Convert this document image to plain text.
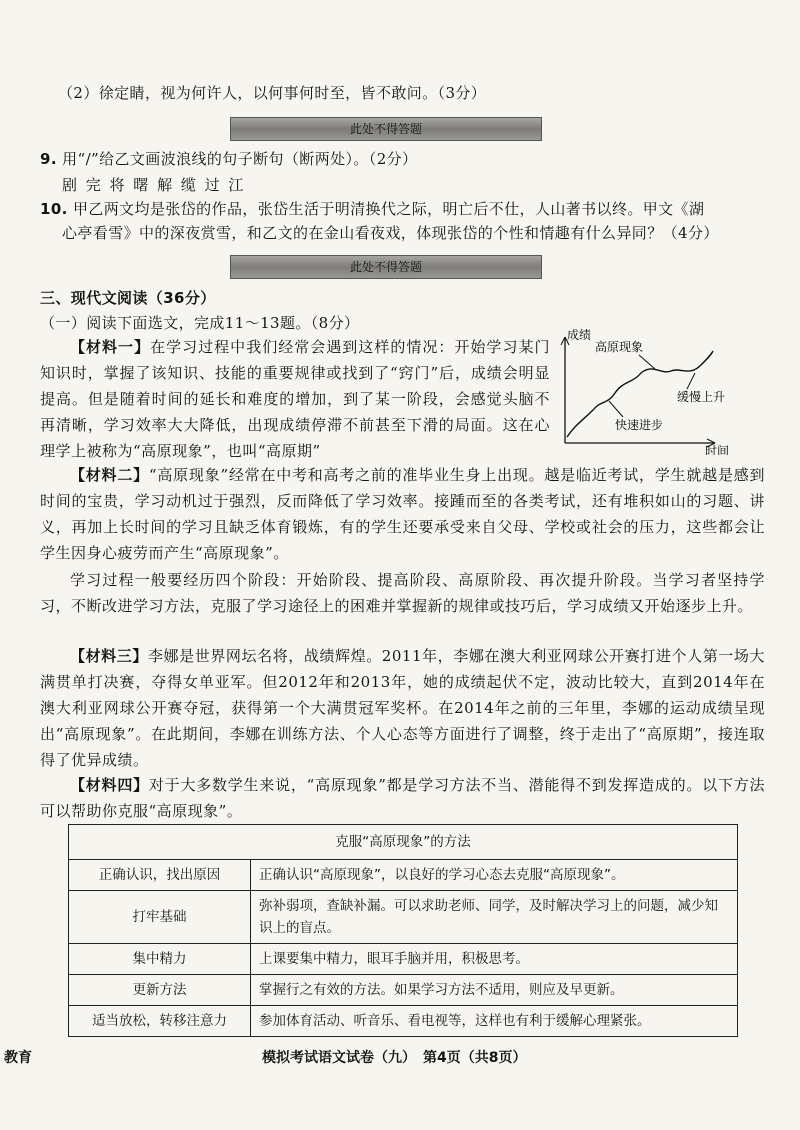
（2）徐定睛，视为何许人，以何事何时至，皆不敢问。（3分）
此处不得答题
9. 用“/”给乙文画波浪线的句子断句（断两处）。（2分）
剧 完 将 曙 解 缆 过 江
10. 甲乙两文均是张岱的作品，张岱生活于明清换代之际，明亡后不仕，人山著书以终。甲文《湖
心亭看雪》中的深夜赏雪，和乙文的在金山看夜戏，体现张岱的个性和情趣有什么异同？（4分）
此处不得答题
三、现代文阅读（36分）
（一）阅读下面选文，完成11～13题。（8分）
【材料一】在学习过程中我们经常会遇到这样的情况：开始学习某门知识时，掌握了该知识、技能的重要规律或找到了“窍门”后，成绩会明显提高。但是随着时间的延长和难度的增加，到了某一阶段，会感觉头脑不再清晰，学习效率大大降低，出现成绩停滞不前甚至下滑的局面。这在心理学上被称为“高原现象”，也叫“高原期”
成绩
时间
高原现象
缓慢上升
快速进步
【材料二】“高原现象”经常在中考和高考之前的准毕业生身上出现。越是临近考试，学生就越是感到时间的宝贵，学习动机过于强烈，反而降低了学习效率。接踵而至的各类考试，还有堆积如山的习题、讲义，再加上长时间的学习且缺乏体育锻炼，有的学生还要承受来自父母、学校或社会的压力，这些都会让学生因身心疲劳而产生“高原现象”。
学习过程一般要经历四个阶段：开始阶段、提高阶段、高原阶段、再次提升阶段。当学习者坚持学习，不断改进学习方法，克服了学习途径上的困难并掌握新的规律或技巧后，学习成绩又开始逐步上升。
【材料三】李娜是世界网坛名将，战绩辉煌。2011年，李娜在澳大利亚网球公开赛打进个人第一场大满贯单打决赛，夺得女单亚军。但2012年和2013年，她的成绩起伏不定，波动比较大，直到2014年在澳大利亚网球公开赛夺冠，获得第一个大满贯冠军奖杯。在2014年之前的三年里，李娜的运动成绩呈现出“高原现象”。在此期间，李娜在训练方法、个人心态等方面进行了调整，终于走出了“高原期”，接连取得了优异成绩。
【材料四】对于大多数学生来说，“高原现象”都是学习方法不当、潜能得不到发挥造成的。以下方法可以帮助你克服“高原现象”。
克服“高原现象”的方法	
正确认识，找出原因	正确认识“高原现象”，以良好的学习心态去克服“高原现象”。
打牢基础	弥补弱项，查缺补漏。可以求助老师、同学，及时解决学习上的问题，减少知识上的盲点。
集中精力	上课要集中精力，眼耳手脑并用，积极思考。
更新方法	掌握行之有效的方法。如果学习方法不适用，则应及早更新。
适当放松，转移注意力	参加体育活动、听音乐、看电视等，这样也有利于缓解心理紧张。
教育	模拟考试语文试卷（九）　第4页（共8页）
